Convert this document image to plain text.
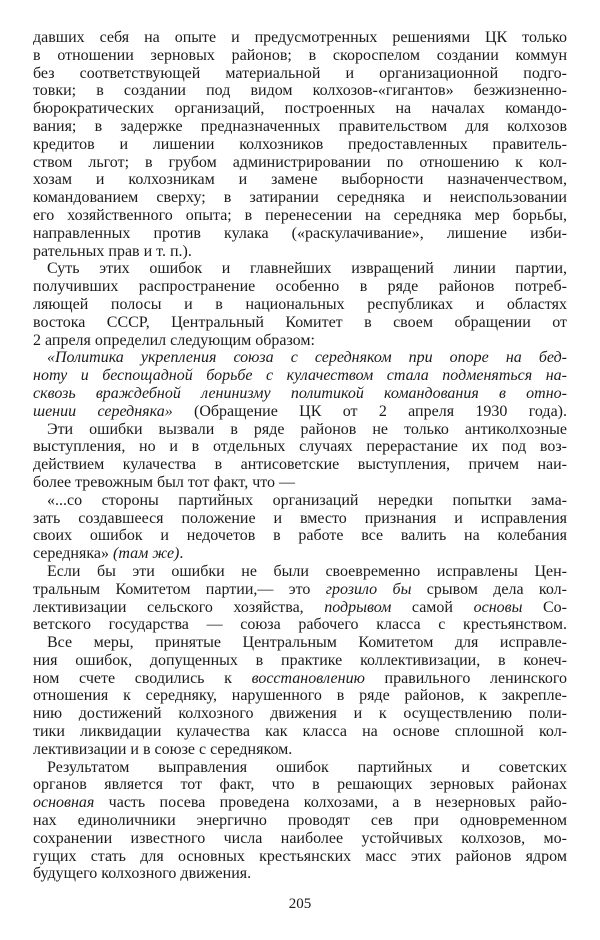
давших себя на опыте и предусмотренных решениями ЦК только
в отношении зерновых районов; в скороспелом создании коммун
без соответствующей материальной и организационной подго-
товки; в создании под видом колхозов-«гигантов» безжизненно-
бюрократических организаций, построенных на началах командо-
вания; в задержке предназначенных правительством для колхозов
кредитов и лишении колхозников предоставленных правитель-
ством льгот; в грубом администрировании по отношению к кол-
хозам и колхозникам и замене выборности назначенчеством,
командованием сверху; в затирании середняка и неиспользовании
его хозяйственного опыта; в перенесении на середняка мер борьбы,
направленных против кулака («раскулачивание», лишение изби-
рательных прав и т. п.).
Суть этих ошибок и главнейших извращений линии партии,
получивших распространение особенно в ряде районов потреб-
ляющей полосы и в национальных республиках и областях
востока СССР, Центральный Комитет в своем обращении от
2 апреля определил следующим образом:
«Политика укрепления союза с середняком при опоре на бед-
ноту и беспощадной борьбе с кулачеством стала подменяться на-
сквозь враждебной ленинизму политикой командования в отно-
шении середняка» (Обращение ЦК от 2 апреля 1930 года).
Эти ошибки вызвали в ряде районов не только антиколхозные
выступления, но и в отдельных случаях перерастание их под воз-
действием кулачества в антисоветские выступления, причем наи-
более тревожным был тот факт, что —
«...со стороны партийных организаций нередки попытки зама-
зать создавшееся положение и вместо признания и исправления
своих ошибок и недочетов в работе все валить на колебания
середняка» (там же).
Если бы эти ошибки не были своевременно исправлены Цен-
тральным Комитетом партии,— это грозило бы срывом дела кол-
лективизации сельского хозяйства, подрывом самой основы Со-
ветского государства — союза рабочего класса с крестьянством.
Все меры, принятые Центральным Комитетом для исправле-
ния ошибок, допущенных в практике коллективизации, в конеч-
ном счете сводились к восстановлению правильного ленинского
отношения к середняку, нарушенного в ряде районов, к закрепле-
нию достижений колхозного движения и к осуществлению поли-
тики ликвидации кулачества как класса на основе сплошной кол-
лективизации и в союзе с середняком.
Результатом выправления ошибок партийных и советских
органов является тот факт, что в решающих зерновых районах
основная часть посева проведена колхозами, а в незерновых райо-
нах единоличники энергично проводят сев при одновременном
сохранении известного числа наиболее устойчивых колхозов, мо-
гущих стать для основных крестьянских масс этих районов ядром
будущего колхозного движения.
205
